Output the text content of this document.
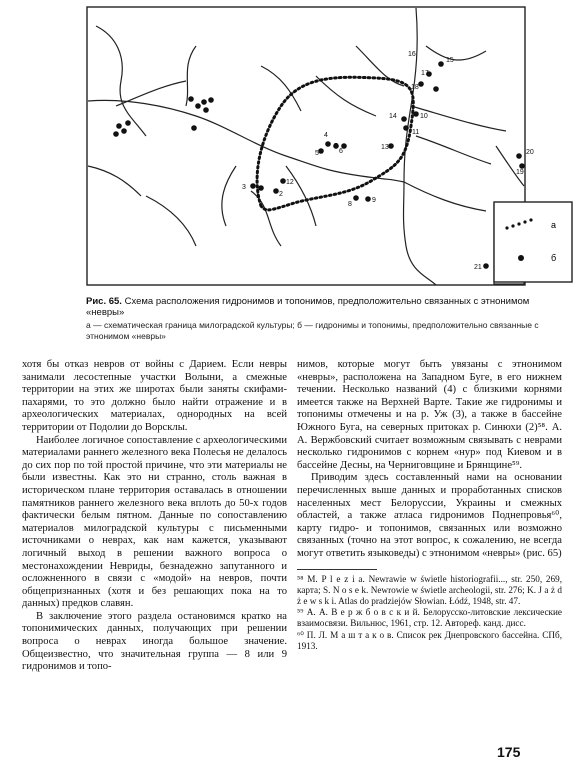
1	2
3
4
5	6
7
8
9
10
11
12
13
14
15
16
17
18
19
20
21
а
б
Рис. 65. Схема расположения гидронимов и топонимов, предположительно связанных с этнонимом «невры»
а — схематическая граница милоградской культуры; б — гидронимы и топонимы, предположительно связанные с этнонимом «невры»

хотя бы отказ невров от войны с Дарием. Если невры занимали лесостепные участки Волыни, а смежные территории на этих же широтах были заняты скифами-пахарями, то это должно было найти отражение и в археологических материалах, однородных на всей территории от Подолии до Ворсклы.

Наиболее логичное сопоставление с археологическими материалами раннего железного века Полесья не делалось до сих пор по той простой причине, что эти материалы не были известны. Как это ни странно, столь важная в историческом плане территория оставалась в отношении памятников раннего железного века вплоть до 50-х годов фактически белым пятном. Данные по сопоставлению материалов милоградской культуры с письменными источниками о неврах, как нам кажется, указывают логичный выход в решении важного вопроса о местонахождении Невриды, безнадежно запутанного и осложненного в связи с «модой» на невров, почти общепризнанных (хотя и без решающих пока на то данных) предков славян.

В заключение этого раздела остановимся кратко на топонимических данных, получающих при решении вопроса о неврах иногда большое значение. Общеизвестно, что значительная группа — 8 или 9 гидронимов и топо-

нимов, которые могут быть увязаны с этнонимом «невры», расположена на Западном Буге, в его нижнем течении. Несколько названий (4) с близкими корнями имеется также на Верхней Варте. Такие же гидронимы и топонимы отмечены и на р. Уж (3), а также в бассейне Южного Буга, на северных притоках р. Синюхи (2)⁵⁸. А. А. Вержбовский считает возможным связывать с неврами несколько гидронимов с корнем «нур» под Киевом и в бассейне Десны, на Черниговщине и Брянщине⁵⁹.

Приводим здесь составленный нами на основании перечисленных выше данных и проработанных списков населенных мест Белоруссии, Украины и смежных областей, а также атласа гидронимов Поднепровья⁶⁰, карту гидро- и топонимов, связанных или возможно связанных (точно на этот вопрос, к сожалению, не всегда могут ответить языковеды) с этнонимом «невры» (рис. 65)

⁵⁸ M. P l e z i a. Newrawie w świetle historiografii..., str. 250, 269, карта; S. N o s e k. Newrowie w świetle archeologii, str. 276; K. J a ż d ż e w s k i. Atlas do pradziejów Słowian. Łódź, 1948, str. 47.

⁵⁹ А. А. В е р ж б о в с к и й. Белорусско-литовские лексические взаимосвязи. Вильнюс, 1961, стр. 12. Автореф. канд. дисс.

⁶⁰ П. Л. М а ш т а к о в. Список рек Днепровского бассейна. СПб, 1913.

175
